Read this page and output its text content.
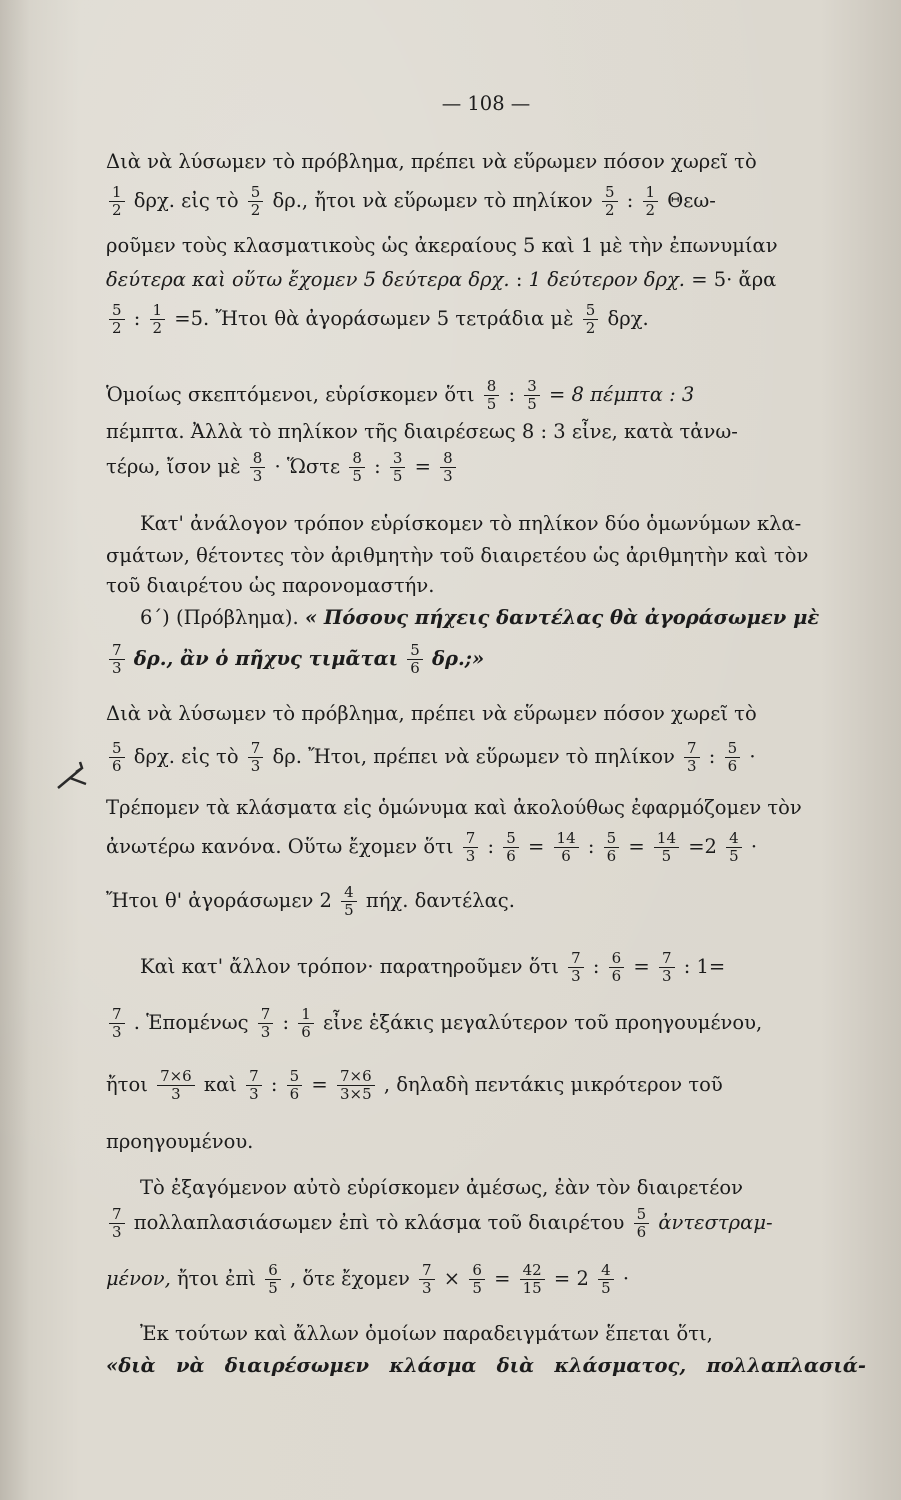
— 108 —
Διὰ νὰ λύσωμεν τὸ πρόβλημα, πρέπει νὰ εὕρωμεν πόσον χωρεῖ τὸ
$\frac{1}{2} \delta\rho\chi$. εἰς τὸ $\frac{5}{2} \delta\rho$., ἤτοι νὰ εὕρωμεν τὸ πηλίκον $\frac{5}{2}$ : $\frac{1}{2} \Theta\varepsilon\omega-$
ροῦμεν τοὺς κλασματικοὺς ὡς ἀκεραίους 5 καὶ 1 μὲ τὴν ἐπωνυμίαν
δεύτερα καὶ οὕτω ἔχομεν 5 δεύτερα δρχ. : 1 δεύτερον δρχ. = 5· ἄρα
$\frac{5}{2}$ : $\frac{1}{2} =5$. Ἤτοι θὰ ἀγοράσωμεν 5 τετράδια μὲ $\frac{5}{2} \delta\rho\chi$.
Ὁμοίως σκεπτόμενοι, εὑρίσκομεν ὅτι $\frac{8}{5}$ : $\frac{3}{5} = 8$ πέμπτα : 3
πέμπτα. Ἀλλὰ τὸ πηλίκον τῆς διαιρέσεως 8 : 3 εἶνε, κατὰ τἀνω-
τέρω, ἴσον μὲ $\frac{8}{3}$ · Ὥστε $\frac{8}{5}$ : $\frac{3}{5} = \frac{8}{3}$
Κατ' ἀνάλογον τρόπον εὑρίσκομεν τὸ πηλίκον δύο ὁμωνύμων κλα-
σμάτων, θέτοντες τὸν ἀριθμητὴν τοῦ διαιρετέου ὡς ἀριθμητὴν καὶ τὸν
τοῦ διαιρέτου ὡς παρονομαστήν.
6΄) (Πρόβλημα). « Πόσους πήχεις δαντέλας θὰ ἀγοράσωμεν μὲ
$\frac{7}{3} \delta\rho$., ἂν ὁ πῆχυς τιμᾶται $\frac{5}{6} \delta\rho$.;»
Διὰ νὰ λύσωμεν τὸ πρόβλημα, πρέπει νὰ εὕρωμεν πόσον χωρεῖ τὸ
$\frac{5}{6} \delta\rho\chi$. εἰς τὸ $\frac{7}{3} \delta\rho$. Ἤτοι, πρέπει νὰ εὕρωμεν τὸ πηλίκον $\frac{7}{3}$ : $\frac{5}{6}$ ·
Τρέπομεν τὰ κλάσματα εἰς ὁμώνυμα καὶ ἀκολούθως ἐφαρμόζομεν τὸν
ἀνωτέρω κανόνα. Οὕτω ἔχομεν ὅτι $\frac{7}{3}$ : $\frac{5}{6} = \frac{14}{6}$ : $\frac{5}{6} = \frac{14}{5} =2 \frac{4}{5}$ ·
Ἤτοι θ' ἀγοράσωμεν $2 \frac{4}{5} \pi ή\chi$. δαντέλας.
Καὶ κατ' ἄλλον τρόπον· παρατηροῦμεν ὅτι $\frac{7}{3}$ : $\frac{6}{6} = \frac{7}{3}$ : 1=
$\frac{7}{3}$ . Ἑπομένως $\frac{7}{3}$ : $\frac{1}{6}$ εἶνε ἑξάκις μεγαλύτερον τοῦ προηγουμένου,
ἤτοι $\frac{7\times 6}{3}$ καὶ $\frac{7}{3}$ : $\frac{5}{6} = \frac{7\times 6}{3\times 5}$ , δηλαδὴ πεντάκις μικρότερον τοῦ
προηγουμένου.
Τὸ ἐξαγόμενον αὐτὸ εὑρίσκομεν ἀμέσως, ἐὰν τὸν διαιρετέον
$\frac{7}{3}$ πολλαπλασιάσωμεν ἐπὶ τὸ κλάσμα τοῦ διαιρέτου $\frac{5}{6}$ ἀντεστραμ-
μένον, ἤτοι ἐπὶ $\frac{6}{5}$ , ὅτε ἔχομεν $\frac{7}{3} \times \frac{6}{5} = \frac{42}{15} = 2 \frac{4}{5}$ ·
Ἐκ τούτων καὶ ἄλλων ὁμοίων παραδειγμάτων ἕπεται ὅτι,
«διὰ νὰ διαιρέσωμεν κλάσμα διὰ κλάσματος, πολλαπλασιά-
